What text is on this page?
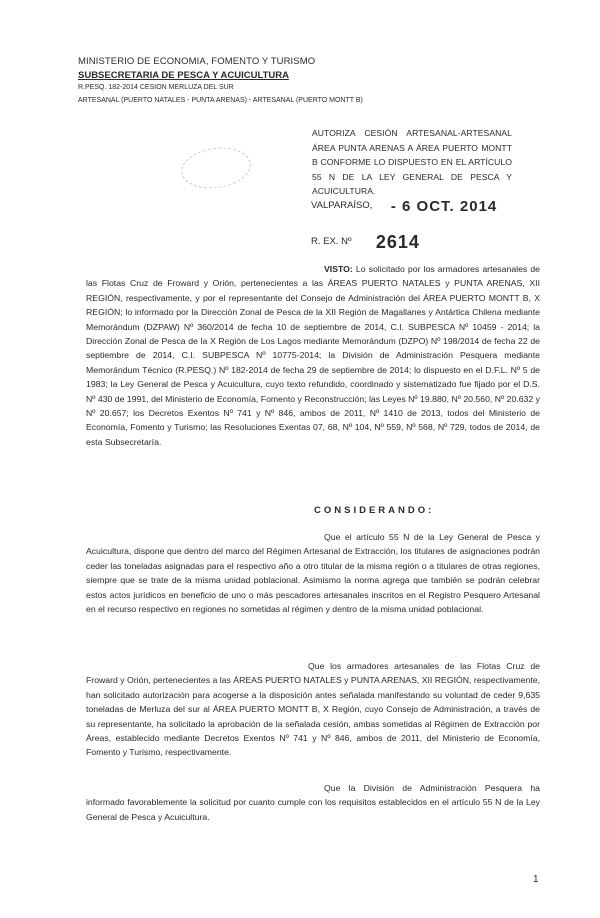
MINISTERIO DE ECONOMIA, FOMENTO Y TURISMO
SUBSECRETARIA DE PESCA Y ACUICULTURA
R.PESQ. 182-2014 CESION MERLUZA DEL SUR
ARTESANAL (PUERTO NATALES - PUNTA ARENAS) - ARTESANAL (PUERTO MONTT B)
AUTORIZA CESIÓN ARTESANAL-ARTESANAL ÁREA PUNTA ARENAS A ÁREA PUERTO MONTT B CONFORME LO DISPUESTO EN EL ARTÍCULO 55 N DE LA LEY GENERAL DE PESCA Y ACUICULTURA.
VALPARAÍSO, - 6 OCT. 2014
$^{R. EX. Nº}$ 2614
VISTO: Lo solicitado por los armadores artesanales de las Flotas Cruz de Froward y Orión, pertenecientes a las ÁREAS PUERTO NATALES y PUNTA ARENAS, XII REGIÓN, respectivamente, y por el representante del Consejo de Administración del ÁREA PUERTO MONTT B, X REGIÓN; lo informado por la Dirección Zonal de Pesca de la XII Región de Magallanes y Antártica Chilena mediante Memorándum (DZPAW) Nº 360/2014 de fecha 10 de septiembre de 2014, C.I. SUBPESCA Nº 10459 - 2014; la Dirección Zonal de Pesca de la X Región de Los Lagos mediante Memorándum (DZPO) Nº 198/2014 de fecha 22 de septiembre de 2014, C.I. SUBPESCA Nº 10775-2014; la División de Administración Pesquera mediante Memorándum Técnico (R.PESQ.) Nº 182-2014 de fecha 29 de septiembre de 2014; lo dispuesto en el D.F.L. Nº 5 de 1983; la Ley General de Pesca y Acuicultura, cuyo texto refundido, coordinado y sistematizado fue fijado por el D.S. Nº 430 de 1991, del Ministerio de Economía, Fomento y Reconstrucción; las Leyes Nº 19.880, Nº 20.560, Nº 20.632 y Nº 20.657; los Decretos Exentos Nº 741 y Nº 846, ambos de 2011, Nº 1410 de 2013, todos del Ministerio de Economía, Fomento y Turismo; las Resoluciones Exentas 07, 68, Nº 104, Nº 559, Nº 568, Nº 729, todos de 2014, de esta Subsecretaría.
CONSIDERANDO:
Que el artículo 55 N de la Ley General de Pesca y Acuicultura, dispone que dentro del marco del Régimen Artesanal de Extracción, los titulares de asignaciones podrán ceder las toneladas asignadas para el respectivo año a otro titular de la misma región o a titulares de otras regiones, siempre que se trate de la misma unidad poblacional. Asimismo la norma agrega que también se podrán celebrar estos actos jurídicos en beneficio de uno o más pescadores artesanales inscritos en el Registro Pesquero Artesanal en el recurso respectivo en regiones no sometidas al régimen y dentro de la misma unidad poblacional.
Que los armadores artesanales de las Flotas Cruz de Froward y Orión, pertenecientes a las ÁREAS PUERTO NATALES y PUNTA ARENAS, XII REGIÓN, respectivamente, han solicitado autorización para acogerse a la disposición antes señalada manifestando su voluntad de ceder 9,635 toneladas de Merluza del sur al ÁREA PUERTO MONTT B, X Región, cuyo Consejo de Administración, a través de su representante, ha solicitado la aprobación de la señalada cesión, ambas sometidas al Régimen de Extracción por Áreas, establecido mediante Decretos Exentos Nº 741 y Nº 846, ambos de 2011, del Ministerio de Economía, Fomento y Turismo, respectivamente.
Que la División de Administración Pesquera ha informado favorablemente la solicitud por cuanto cumple con los requisitos establecidos en el artículo 55 N de la Ley General de Pesca y Acuicultura.
1
